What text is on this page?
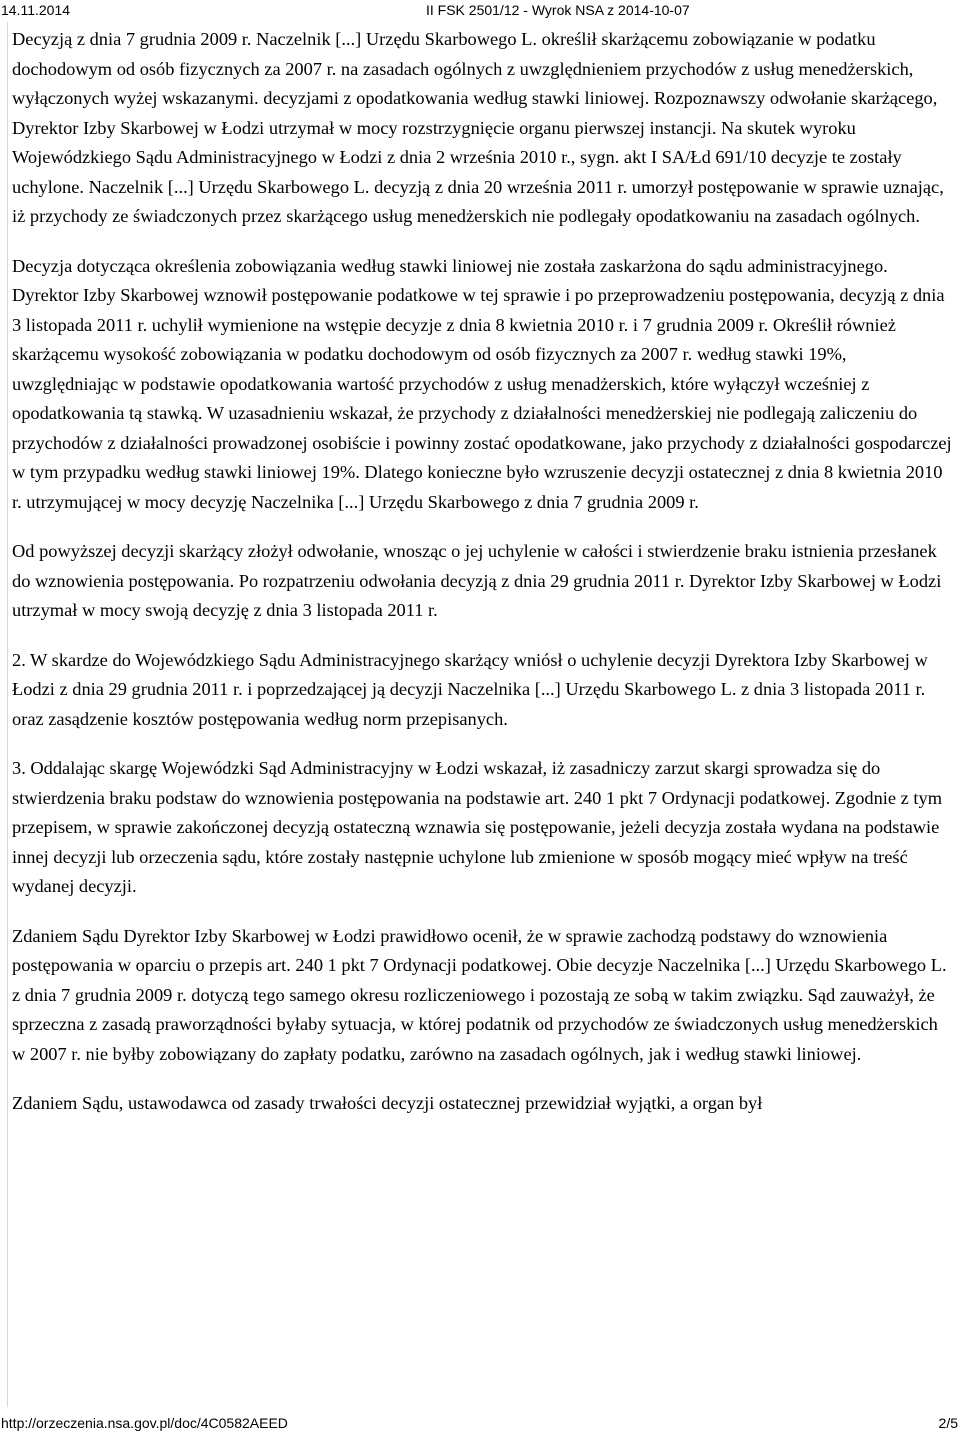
14.11.2014	II FSK 2501/12 - Wyrok NSA z 2014-10-07

Decyzją z dnia 7 grudnia 2009 r. Naczelnik [...] Urzędu Skarbowego L. określił skarżącemu zobowiązanie w podatku dochodowym od osób fizycznych za 2007 r. na zasadach ogólnych z uwzględnieniem przychodów z usług menedżerskich, wyłączonych wyżej wskazanymi. decyzjami z opodatkowania według stawki liniowej. Rozpoznawszy odwołanie skarżącego, Dyrektor Izby Skarbowej w Łodzi utrzymał w mocy rozstrzygnięcie organu pierwszej instancji. Na skutek wyroku Wojewódzkiego Sądu Administracyjnego w Łodzi z dnia 2 września 2010 r., sygn. akt I SA/Łd 691/10 decyzje te zostały uchylone. Naczelnik [...] Urzędu Skarbowego L. decyzją z dnia 20 września 2011 r. umorzył postępowanie w sprawie uznając, iż przychody ze świadczonych przez skarżącego usług menedżerskich nie podlegały opodatkowaniu na zasadach ogólnych.

Decyzja dotycząca określenia zobowiązania według stawki liniowej nie została zaskarżona do sądu administracyjnego. Dyrektor Izby Skarbowej wznowił postępowanie podatkowe w tej sprawie i po przeprowadzeniu postępowania, decyzją z dnia 3 listopada 2011 r. uchylił wymienione na wstępie decyzje z dnia 8 kwietnia 2010 r. i 7 grudnia 2009 r. Określił również skarżącemu wysokość zobowiązania w podatku dochodowym od osób fizycznych za 2007 r. według stawki 19%, uwzględniając w podstawie opodatkowania wartość przychodów z usług menadżerskich, które wyłączył wcześniej z opodatkowania tą stawką. W uzasadnieniu wskazał, że przychody z działalności menedżerskiej nie podlegają zaliczeniu do przychodów z działalności prowadzonej osobiście i powinny zostać opodatkowane, jako przychody z działalności gospodarczej w tym przypadku według stawki liniowej 19%. Dlatego konieczne było wzruszenie decyzji ostatecznej z dnia 8 kwietnia 2010 r. utrzymującej w mocy decyzję Naczelnika [...] Urzędu Skarbowego z dnia 7 grudnia 2009 r.

Od powyższej decyzji skarżący złożył odwołanie, wnosząc o jej uchylenie w całości i stwierdzenie braku istnienia przesłanek do wznowienia postępowania. Po rozpatrzeniu odwołania decyzją z dnia 29 grudnia 2011 r. Dyrektor Izby Skarbowej w Łodzi utrzymał w mocy swoją decyzję z dnia 3 listopada 2011 r.

2. W skardze do Wojewódzkiego Sądu Administracyjnego skarżący wniósł o uchylenie decyzji Dyrektora Izby Skarbowej w Łodzi z dnia 29 grudnia 2011 r. i poprzedzającej ją decyzji Naczelnika [...] Urzędu Skarbowego L. z dnia 3 listopada 2011 r. oraz zasądzenie kosztów postępowania według norm przepisanych.

3. Oddalając skargę Wojewódzki Sąd Administracyjny w Łodzi wskazał, iż zasadniczy zarzut skargi sprowadza się do stwierdzenia braku podstaw do wznowienia postępowania na podstawie art. 240 1 pkt 7 Ordynacji podatkowej. Zgodnie z tym przepisem, w sprawie zakończonej decyzją ostateczną wznawia się postępowanie, jeżeli decyzja została wydana na podstawie innej decyzji lub orzeczenia sądu, które zostały następnie uchylone lub zmienione w sposób mogący mieć wpływ na treść wydanej decyzji.

Zdaniem Sądu Dyrektor Izby Skarbowej w Łodzi prawidłowo ocenił, że w sprawie zachodzą podstawy do wznowienia postępowania w oparciu o przepis art. 240 1 pkt 7 Ordynacji podatkowej. Obie decyzje Naczelnika [...] Urzędu Skarbowego L. z dnia 7 grudnia 2009 r. dotyczą tego samego okresu rozliczeniowego i pozostają ze sobą w takim związku. Sąd zauważył, że sprzeczna z zasadą praworządności byłaby sytuacja, w której podatnik od przychodów ze świadczonych usług menedżerskich w 2007 r. nie byłby zobowiązany do zapłaty podatku, zarówno na zasadach ogólnych, jak i według stawki liniowej.

Zdaniem Sądu, ustawodawca od zasady trwałości decyzji ostatecznej przewidział wyjątki, a organ był

http://orzeczenia.nsa.gov.pl/doc/4C0582AEED	2/5
